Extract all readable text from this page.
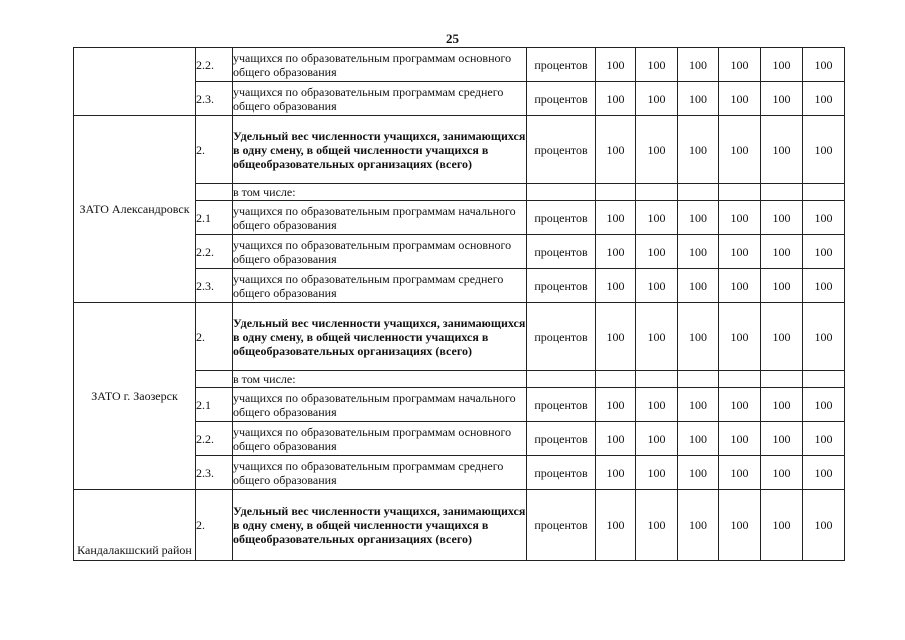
25
	2.2.	учащихся по образовательным программам основного общего образования	процентов	100	100	100	100	100	100
	2.3.	учащихся по образовательным программам среднего общего образования	процентов	100	100	100	100	100	100
ЗАТО Александровск	2.	Удельный вес численности учащихся, занимающихся в одну смену, в общей численности учащихся в общеобразовательных организациях (всего)	процентов	100	100	100	100	100	100
		в том числе:							
	2.1	учащихся по образовательным программам начального общего образования	процентов	100	100	100	100	100	100
	2.2.	учащихся по образовательным программам основного общего образования	процентов	100	100	100	100	100	100
	2.3.	учащихся по образовательным программам среднего общего образования	процентов	100	100	100	100	100	100
ЗАТО г. Заозерск	2.	Удельный вес численности учащихся, занимающихся в одну смену, в общей численности учащихся в общеобразовательных организациях (всего)	процентов	100	100	100	100	100	100
		в том числе:							
	2.1	учащихся по образовательным программам начального общего образования	процентов	100	100	100	100	100	100
	2.2.	учащихся по образовательным программам основного общего образования	процентов	100	100	100	100	100	100
	2.3.	учащихся по образовательным программам среднего общего образования	процентов	100	100	100	100	100	100
Кандалакшский район	2.	Удельный вес численности учащихся, занимающихся в одну смену, в общей численности учащихся в общеобразовательных организациях (всего)	процентов	100	100	100	100	100	100
